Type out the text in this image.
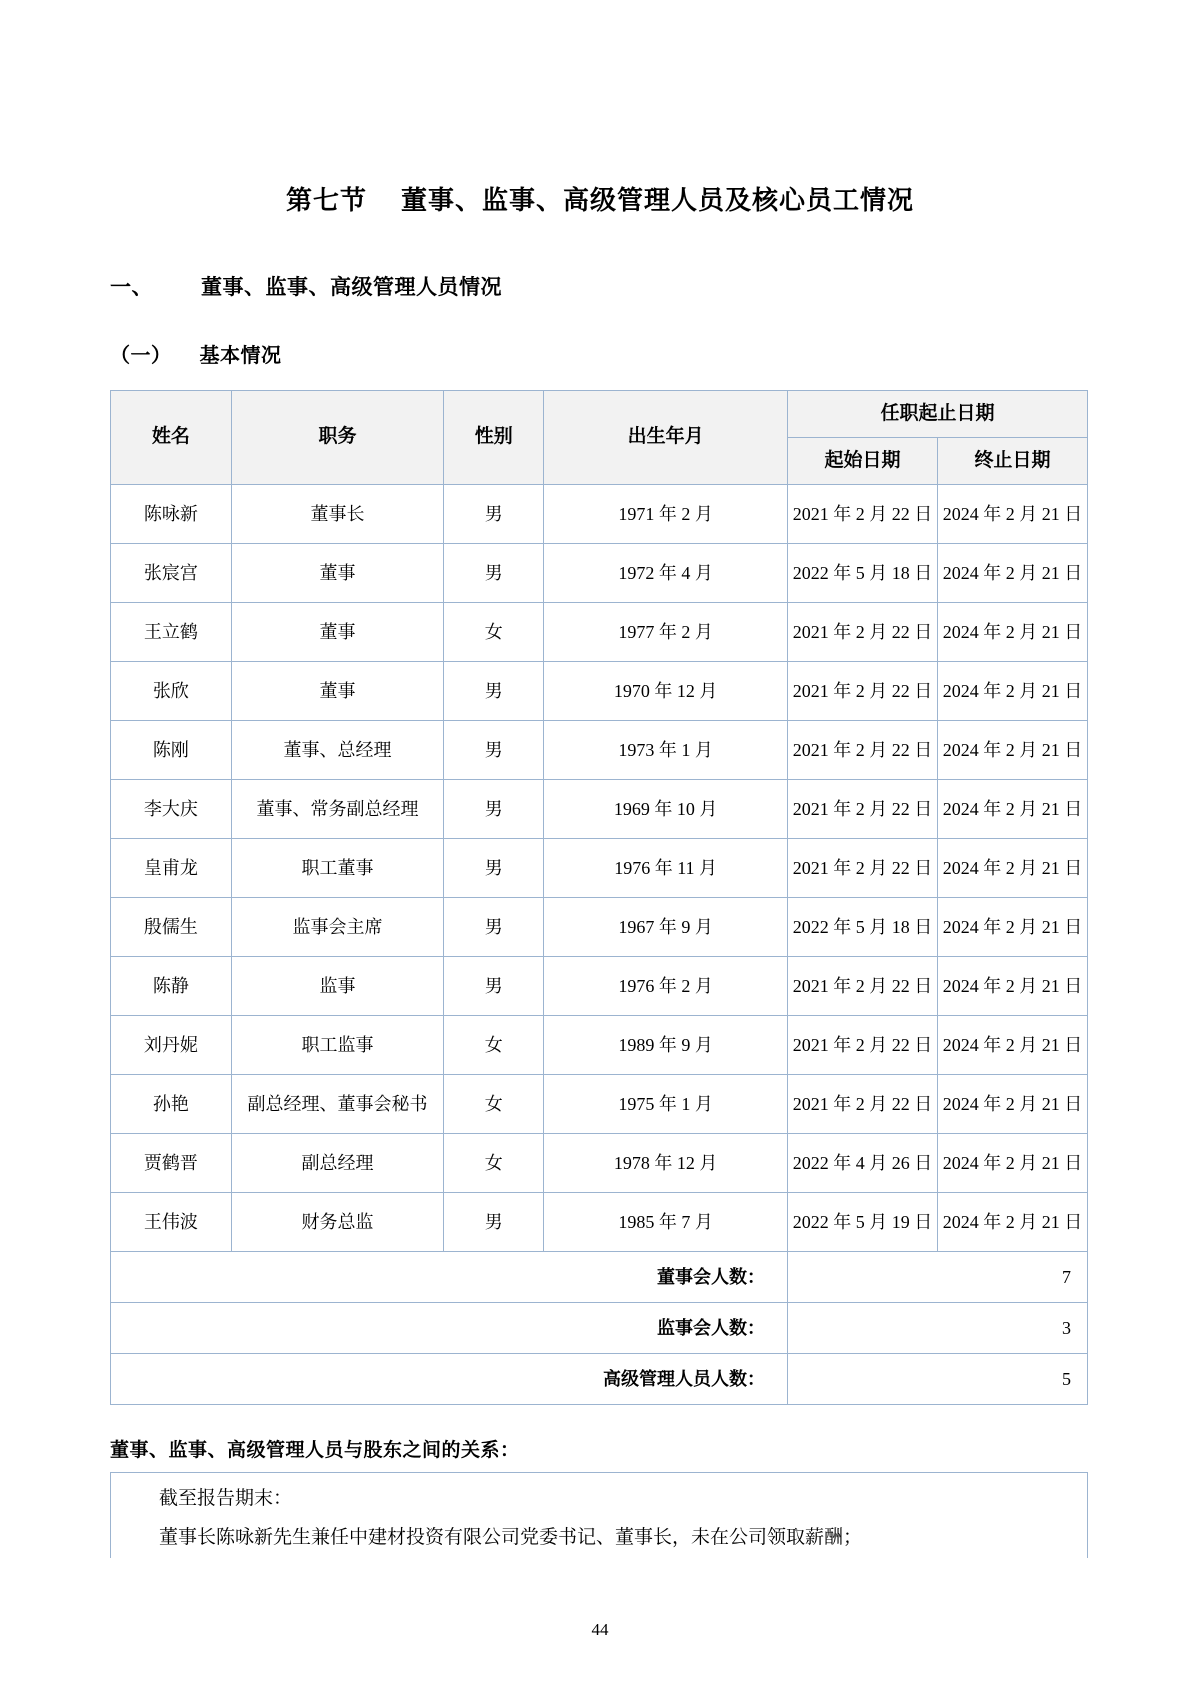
第七节 董事、监事、高级管理人员及核心员工情况
一、 董事、监事、高级管理人员情况
（一） 基本情况
姓名	职务	性别	出生年月	任职起止日期	
				起始日期	终止日期
陈咏新	董事长	男	1971 年 2 月	2021 年 2 月 22 日	2024 年 2 月 21 日
张宸宫	董事	男	1972 年 4 月	2022 年 5 月 18 日	2024 年 2 月 21 日
王立鹤	董事	女	1977 年 2 月	2021 年 2 月 22 日	2024 年 2 月 21 日
张欣	董事	男	1970 年 12 月	2021 年 2 月 22 日	2024 年 2 月 21 日
陈刚	董事、总经理	男	1973 年 1 月	2021 年 2 月 22 日	2024 年 2 月 21 日
李大庆	董事、常务副总经理	男	1969 年 10 月	2021 年 2 月 22 日	2024 年 2 月 21 日
皇甫龙	职工董事	男	1976 年 11 月	2021 年 2 月 22 日	2024 年 2 月 21 日
殷儒生	监事会主席	男	1967 年 9 月	2022 年 5 月 18 日	2024 年 2 月 21 日
陈静	监事	男	1976 年 2 月	2021 年 2 月 22 日	2024 年 2 月 21 日
刘丹妮	职工监事	女	1989 年 9 月	2021 年 2 月 22 日	2024 年 2 月 21 日
孙艳	副总经理、董事会秘书	女	1975 年 1 月	2021 年 2 月 22 日	2024 年 2 月 21 日
贾鹤晋	副总经理	女	1978 年 12 月	2022 年 4 月 26 日	2024 年 2 月 21 日
王伟波	财务总监	男	1985 年 7 月	2022 年 5 月 19 日	2024 年 2 月 21 日
董事会人数：				7	
监事会人数：				3	
高级管理人员人数：				5	
董事、监事、高级管理人员与股东之间的关系：

截至报告期末：

董事长陈咏新先生兼任中建材投资有限公司党委书记、董事长，未在公司领取薪酬；

44
